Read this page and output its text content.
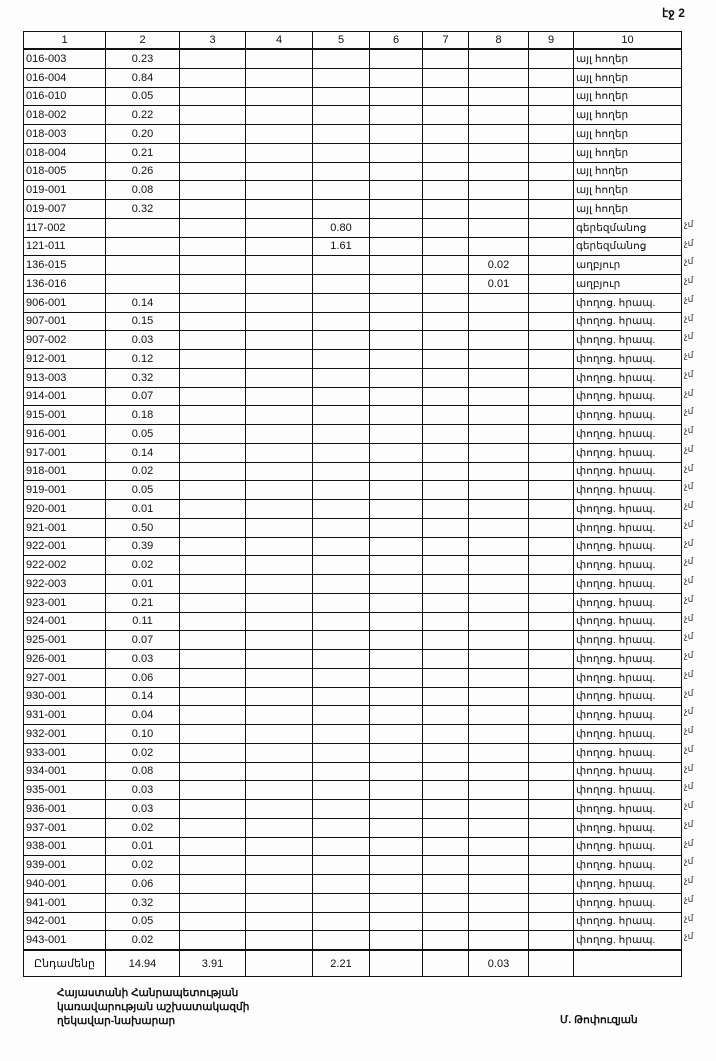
էջ 2
1	2	3	4	5	6	7	8	9	10
016-003	0.23								այլ հողեր
016-004	0.84								այլ հողեր
016-010	0.05								այլ հողեր
018-002	0.22								այլ հողեր
018-003	0.20								այլ հողեր
018-004	0.21								այլ հողեր
018-005	0.26								այլ հողեր
019-001	0.08								այլ հողեր
019-007	0.32								այլ հողեր
117-002				0.80					գերեզմանոց
121-011				1.61					գերեզմանոց
136-015							0.02		աղբյուր
136-016							0.01		աղբյուր
906-001	0.14								փողոց. հրապ.
907-001	0.15								փողոց. հրապ.
907-002	0.03								փողոց. հրապ.
912-001	0.12								փողոց. հրապ.
913-003	0.32								փողոց. հրապ.
914-001	0.07								փողոց. հրապ.
915-001	0.18								փողոց. հրապ.
916-001	0.05								փողոց. հրապ.
917-001	0.14								փողոց. հրապ.
918-001	0.02								փողոց. հրապ.
919-001	0.05								փողոց. հրապ.
920-001	0.01								փողոց. հրապ.
921-001	0.50								փողոց. հրապ.
922-001	0.39								փողոց. հրապ.
922-002	0.02								փողոց. հրապ.
922-003	0.01								փողոց. հրապ.
923-001	0.21								փողոց. հրապ.
924-001	0.11								փողոց. հրապ.
925-001	0.07								փողոց. հրապ.
926-001	0.03								փողոց. հրապ.
927-001	0.06								փողոց. հրապ.
930-001	0.14								փողոց. հրապ.
931-001	0.04								փողոց. հրապ.
932-001	0.10								փողոց. հրապ.
933-001	0.02								փողոց. հրապ.
934-001	0.08								փողոց. հրապ.
935-001	0.03								փողոց. հրապ.
936-001	0.03								փողոց. հրապ.
937-001	0.02								փողոց. հրապ.
938-001	0.01								փողոց. հրապ.
939-001	0.02								փողոց. հրապ.
940-001	0.06								փողոց. հրապ.
941-001	0.32								փողոց. հրապ.
942-001	0.05								փողոց. հրապ.
943-001	0.02								փողոց. հրապ.
Ընդամենը	14.94	3.91		2.21			0.03		
չմ
չմ
չմ
չմ
չմ
չմ
չմ
չմ
չմ
չմ
չմ
չմ
չմ
չմ
չմ
չմ
չմ
չմ
չմ
չմ
չմ
չմ
չմ
չմ
չմ
չմ
չմ
չմ
չմ
չմ
չմ
չմ
չմ
չմ
չմ
չմ
չմ
չմ
չմ
Հայաստանի Հանրապետության
կառավարության աշխատակազմի
ղեկավար-նախարար	Մ. Թոփուզյան
